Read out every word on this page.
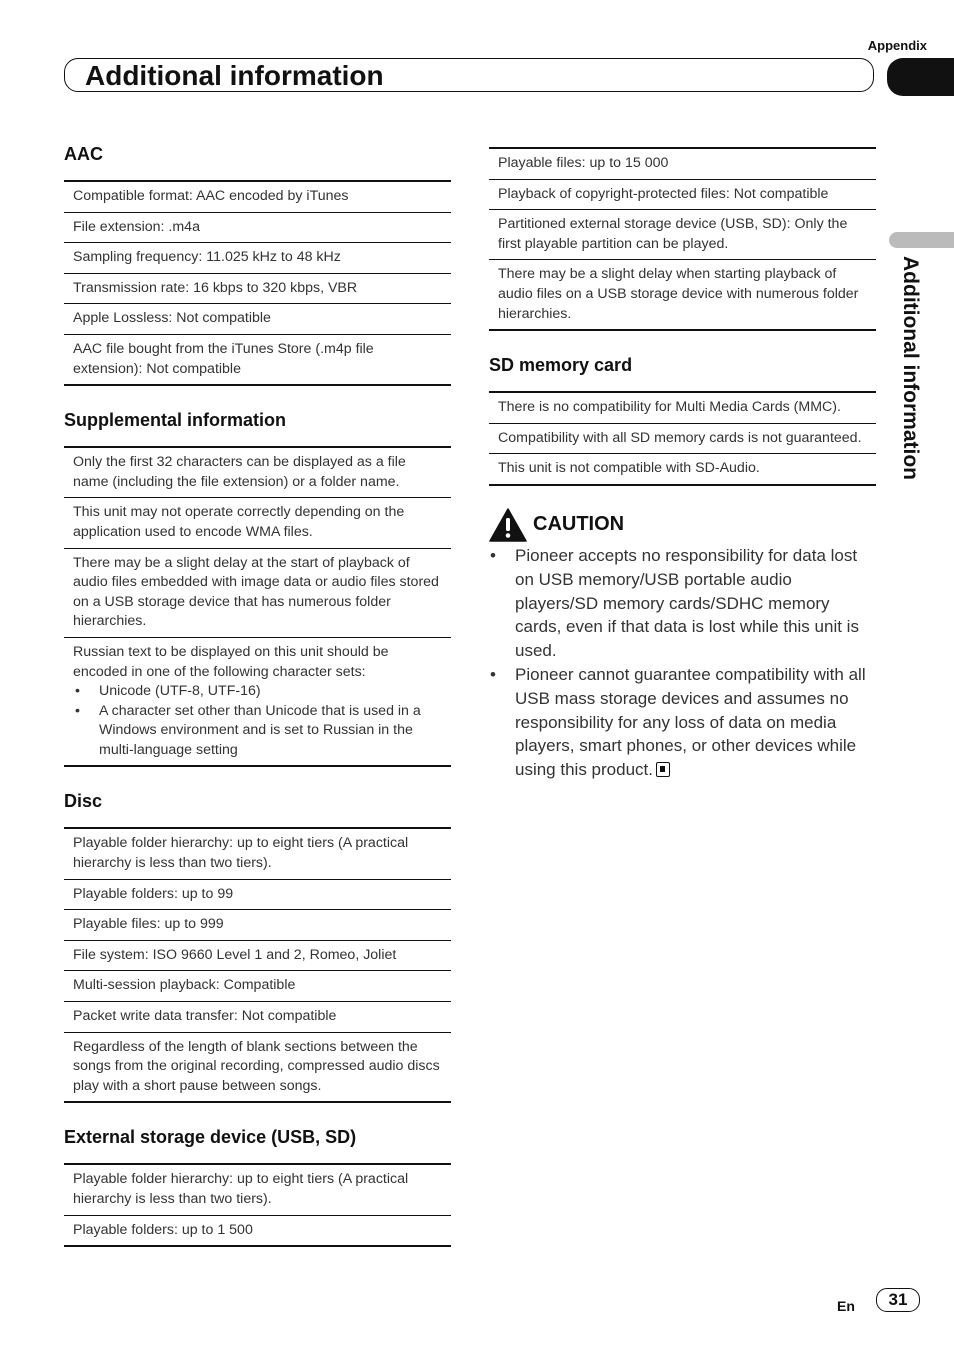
Appendix
Additional information
Additional information
AAC
Compatible format: AAC encoded by iTunes
File extension: .m4a
Sampling frequency: 11.025 kHz to 48 kHz
Transmission rate: 16 kbps to 320 kbps, VBR
Apple Lossless: Not compatible
AAC file bought from the iTunes Store (.m4p file extension): Not compatible
Supplemental information
Only the first 32 characters can be displayed as a file name (including the file extension) or a folder name.
This unit may not operate correctly depending on the application used to encode WMA files.
There may be a slight delay at the start of playback of audio files embedded with image data or audio files stored on a USB storage device that has numerous folder hierarchies.
Russian text to be displayed on this unit should be encoded in one of the following character sets:
• Unicode (UTF-8, UTF-16)
• A character set other than Unicode that is used in a Windows environment and is set to Russian in the multi-language setting
Disc
Playable folder hierarchy: up to eight tiers (A practical hierarchy is less than two tiers).
Playable folders: up to 99
Playable files: up to 999
File system: ISO 9660 Level 1 and 2, Romeo, Joliet
Multi-session playback: Compatible
Packet write data transfer: Not compatible
Regardless of the length of blank sections between the songs from the original recording, compressed audio discs play with a short pause between songs.
External storage device (USB, SD)
Playable folder hierarchy: up to eight tiers (A practical hierarchy is less than two tiers).
Playable folders: up to 1 500
Playable files: up to 15 000
Playback of copyright-protected files: Not compatible
Partitioned external storage device (USB, SD): Only the first playable partition can be played.
There may be a slight delay when starting playback of audio files on a USB storage device with numerous folder hierarchies.
SD memory card
There is no compatibility for Multi Media Cards (MMC).
Compatibility with all SD memory cards is not guaranteed.
This unit is not compatible with SD-Audio.
CAUTION
• Pioneer accepts no responsibility for data lost on USB memory/USB portable audio players/SD memory cards/SDHC memory cards, even if that data is lost while this unit is used.
• Pioneer cannot guarantee compatibility with all USB mass storage devices and assumes no responsibility for any loss of data on media players, smart phones, or other devices while using this product.
En	31
